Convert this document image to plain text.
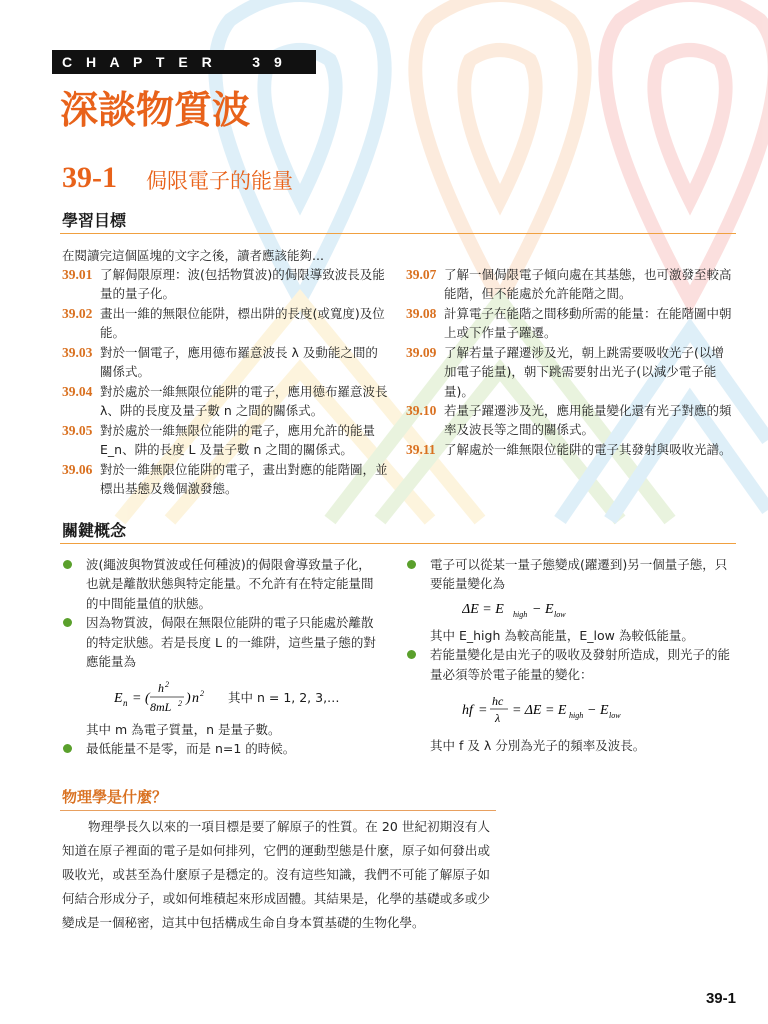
C H A P T E R    3 9
深談物質波
39-1 侷限電子的能量
學習目標
在閱讀完這個區塊的文字之後，讀者應該能夠...
39.01 了解侷限原理：波(包括物質波)的侷限導致波長及能量的量子化。
39.02 畫出一維的無限位能阱，標出阱的長度(或寬度)及位能。
39.03 對於一個電子，應用德布羅意波長 λ 及動能之間的關係式。
39.04 對於處於一維無限位能阱的電子，應用德布羅意波長 λ、阱的長度及量子數 n 之間的關係式。
39.05 對於處於一維無限位能阱的電子，應用允許的能量 E_n、阱的長度 L 及量子數 n 之間的關係式。
39.06 對於一維無限位能阱的電子，畫出對應的能階圖，並標出基態及幾個激發態。
39.07 了解一個侷限電子傾向處在其基態，也可激發至較高能階，但不能處於允許能階之間。
39.08 計算電子在能階之間移動所需的能量：在能階圖中朝上或下作量子躍遷。
39.09 了解若量子躍遷涉及光，朝上跳需要吸收光子(以增加電子能量)，朝下跳需要射出光子(以減少電子能量)。
39.10 若量子躍遷涉及光，應用能量變化還有光子對應的頻率及波長等之間的關係式。
39.11 了解處於一維無限位能阱的電子其發射與吸收光譜。
關鍵概念
波(繩波與物質波或任何種波)的侷限會導致量子化，也就是離散狀態與特定能量。不允許有在特定能量間的中間能量值的狀態。
因為物質波，侷限在無限位能阱的電子只能處於離散的特定狀態。若是長度 L 的一維阱，這些量子態的對應能量為
E n = (
h 2
8mL 2 ) n 2 其中 n = 1, 2, 3,…
其中 m 為電子質量，n 是量子數。
最低能量不是零，而是 n=1 的時候。
電子可以從某一量子態變成(躍遷到)另一個量子態，只要能量變化為
ΔE = E high − E low
其中 E_high 為較高能量，E_low 為較低能量。
若能量變化是由光子的吸收及發射所造成，則光子的能量必須等於電子能量的變化：
hf =
hc
λ = ΔE = E high − E low
其中 f 及 λ 分別為光子的頻率及波長。
物理學是什麼？
物理學長久以來的一項目標是要了解原子的性質。在 20 世紀初期沒有人知道在原子裡面的電子是如何排列，它們的運動型態是什麼，原子如何發出或吸收光，或甚至為什麼原子是穩定的。沒有這些知識，我們不可能了解原子如何結合形成分子，或如何堆積起來形成固體。其結果是，化學的基礎或多或少變成是一個秘密，這其中包括構成生命自身本質基礎的生物化學。
39-1
